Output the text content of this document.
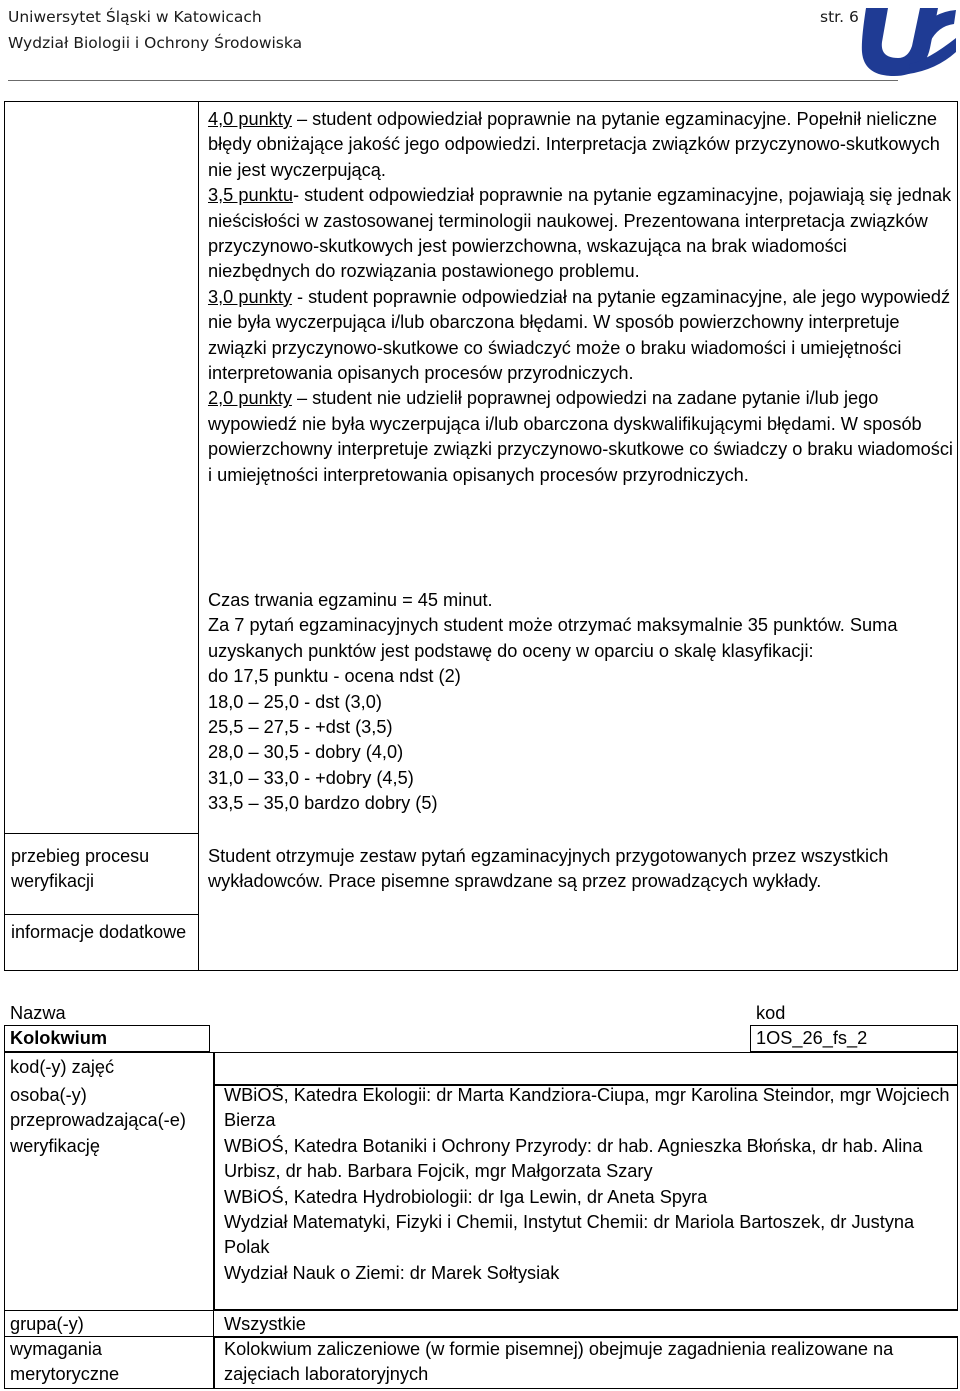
Uniwersytet Śląski w Katowicach
Wydział Biologii i Ochrony Środowiska
str. 6

4,0 punkty – student odpowiedział poprawnie na pytanie egzaminacyjne. Popełnił nieliczne błędy obniżające jakość jego odpowiedzi. Interpretacja związków przyczynowo-skutkowych nie jest wyczerpującą.

3,5 punktu- student odpowiedział poprawnie na pytanie egzaminacyjne, pojawiają się jednak nieścisłości w zastosowanej terminologii naukowej. Prezentowana interpretacja związków przyczynowo-skutkowych jest powierzchowna, wskazująca na brak wiadomości niezbędnych do rozwiązania postawionego problemu.

3,0 punkty - student poprawnie odpowiedział na pytanie egzaminacyjne, ale jego wypowiedź nie była wyczerpująca i/lub obarczona błędami. W sposób powierzchowny interpretuje związki przyczynowo-skutkowe co świadczyć może o braku wiadomości i umiejętności interpretowania opisanych procesów przyrodniczych.

2,0 punkty – student nie udzielił poprawnej odpowiedzi na zadane pytanie i/lub jego wypowiedź nie była wyczerpująca i/lub obarczona dyskwalifikującymi błędami. W sposób powierzchowny interpretuje związki przyczynowo-skutkowe co świadczy o braku wiadomości i umiejętności interpretowania opisanych procesów przyrodniczych.

Czas trwania egzaminu = 45 minut.

Za 7 pytań egzaminacyjnych student może otrzymać maksymalnie 35 punktów. Suma uzyskanych punktów jest podstawę do oceny w oparciu o skalę klasyfikacji:

do 17,5 punktu - ocena ndst (2)

18,0 – 25,0 - dst (3,0)

25,5 – 27,5 - +dst (3,5)

28,0 – 30,5 - dobry (4,0)

31,0 – 33,0 - +dobry (4,5)

33,5 – 35,0 bardzo dobry (5)

przebieg procesu weryfikacji
Student otrzymuje zestaw pytań egzaminacyjnych przygotowanych przez wszystkich wykładowców. Prace pisemne sprawdzane są przez prowadzących wykłady.
informacje dodatkowe
Nazwa
Kolokwium
kod
1OS_26_fs_2
kod(-y) zajęć
osoba(-y) przeprowadzająca(-e) weryfikację

WBiOŚ, Katedra Ekologii: dr Marta Kandziora-Ciupa, mgr Karolina Steindor, mgr Wojciech Bierza

WBiOŚ, Katedra Botaniki i Ochrony Przyrody: dr hab. Agnieszka Błońska, dr hab. Alina Urbisz, dr hab. Barbara Fojcik, mgr Małgorzata Szary

WBiOŚ, Katedra Hydrobiologii: dr Iga Lewin, dr Aneta Spyra

Wydział Matematyki, Fizyki i Chemii, Instytut Chemii: dr Mariola Bartoszek, dr Justyna Polak

Wydział Nauk o Ziemi: dr Marek Sołtysiak

grupa(-y)	Wszystkie
wymagania merytoryczne
Kolokwium zaliczeniowe (w formie pisemnej) obejmuje zagadnienia realizowane na zajęciach laboratoryjnych
